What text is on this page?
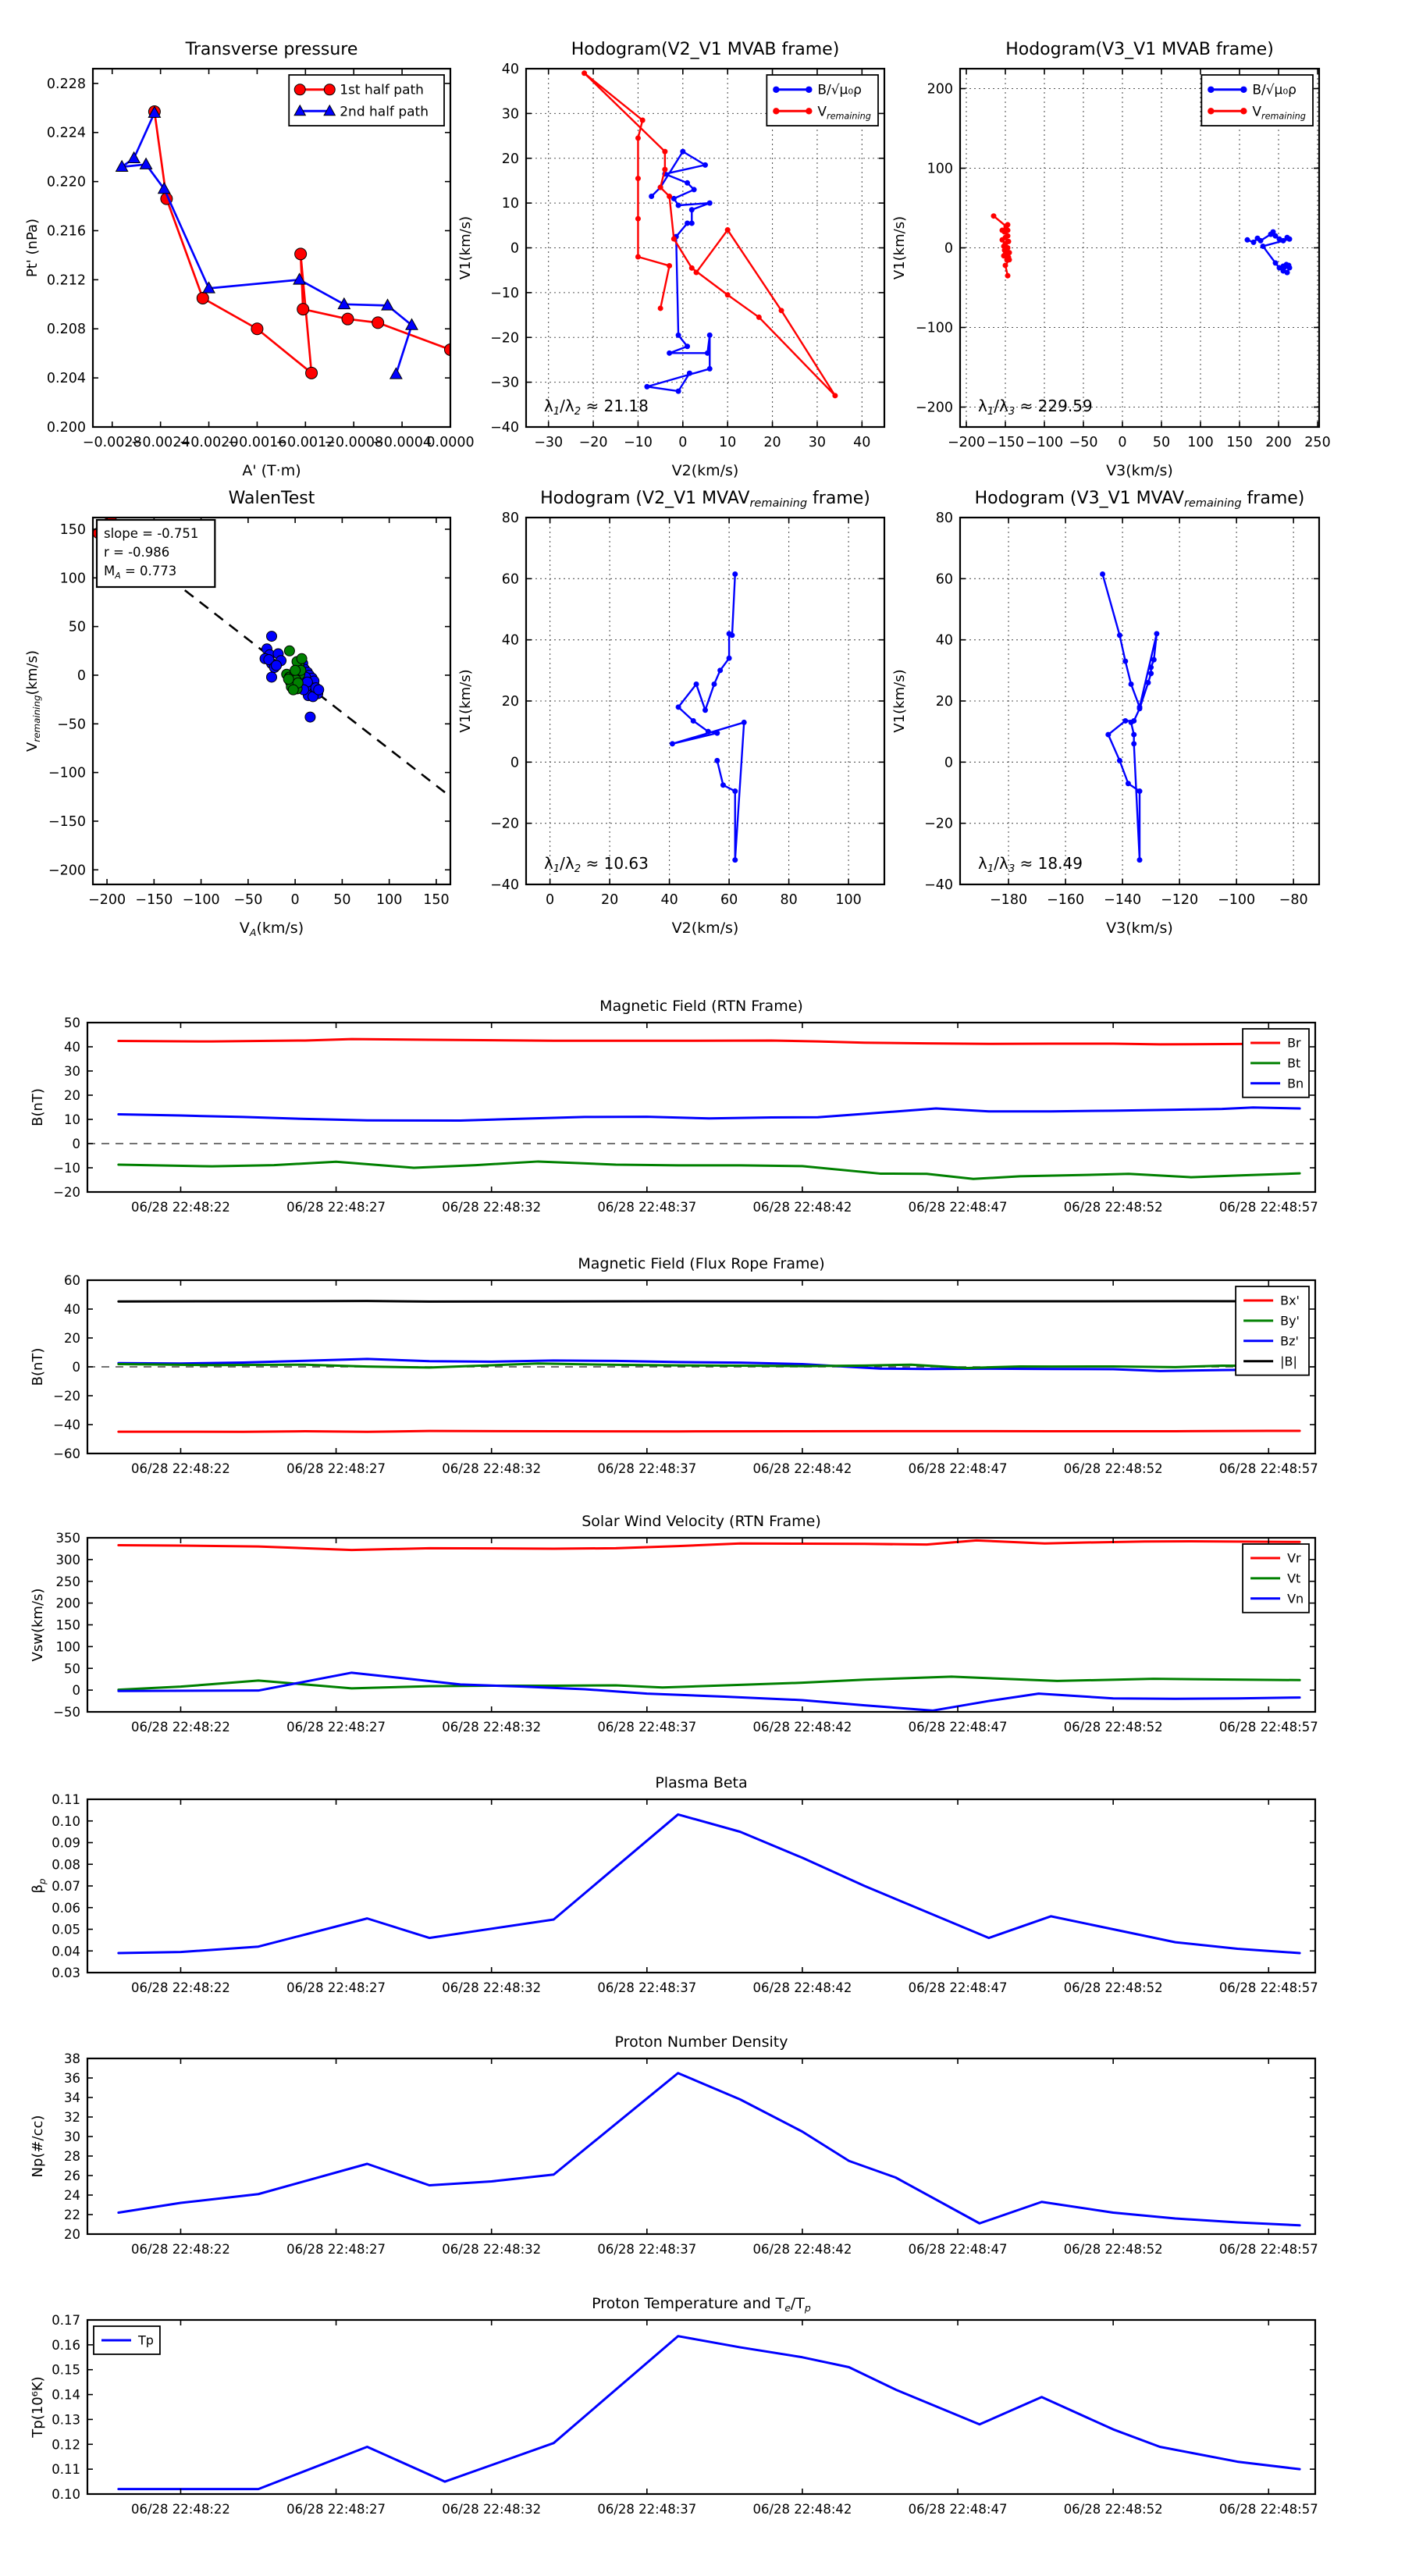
−0.0028
−0.0024
−0.0020
−0.0016
−0.0012
−0.0008
−0.0004
0.0000
0.200
0.204
0.208
0.212
0.216
0.220
0.224
0.228
Transverse pressure
A' (T·m)
Pt' (nPa)
1st half path
2nd half path
−30 −20 −10 0 10 20 30 40
−40
−30
−20
−10
0
10
20
30
40
Hodogram(V2_V1 MVAB frame)
V2(km/s)
V1(km/s)
$\lambda_1/\lambda_2 \approx 21.18$
B/√μ₀ρ
$V_{remaining}$
−200 −150 −100 −50 0 50 100 150 200 250
−200
−100
0
100
200
Hodogram(V3_V1 MVAB frame)
V3(km/s)
V1(km/s)
$\lambda_1/\lambda_3 \approx 229.59$
B/√μ₀ρ
$V_{remaining}$
−200 −150 −100 −50 0 50 100 150
−200
−150
−100
−50
0
50
100
150
WalenTest
$V_A(km/s)$
$V_{remaining}(km/s)$
slope = -0.751
r = -0.986
$M_A = 0.773$
0	20	40	60	80	100
−40
−20
0
20
40
60
80
Hodogram (V2_V1 MVAVremaining frame)
V2(km/s)
V1(km/s)
$\lambda_1/\lambda_2 \approx 10.63$
−180 −160 −140 −120 −100 −80
−40
−20
0
20
40
60
80
Hodogram (V3_V1 MVAVremaining frame)
V3(km/s)
V1(km/s)
$\lambda_1/\lambda_3 \approx 18.49$
06/28 22:48:22	06/28 22:48:27	06/28 22:48:32	06/28 22:48:37	06/28 22:48:42	06/28 22:48:47	06/28 22:48:52	06/28 22:48:57
−20
−10
0
10
20
30
40
50
Magnetic Field (RTN Frame)
B(nT)
Br
Bt
Bn
06/28 22:48:22	06/28 22:48:27	06/28 22:48:32	06/28 22:48:37	06/28 22:48:42	06/28 22:48:47	06/28 22:48:52	06/28 22:48:57
−60
−40
−20
0
20
40
60
Magnetic Field (Flux Rope Frame)
B(nT)
Bx'
By'
Bz'
|B|
06/28 22:48:22	06/28 22:48:27	06/28 22:48:32	06/28 22:48:37	06/28 22:48:42	06/28 22:48:47	06/28 22:48:52	06/28 22:48:57
−50
0
50
100
150
200
250
300
350
Solar Wind Velocity (RTN Frame)
Vsw(km/s)
Vr
Vt
Vn
06/28 22:48:22	06/28 22:48:27	06/28 22:48:32	06/28 22:48:37	06/28 22:48:42	06/28 22:48:47	06/28 22:48:52	06/28 22:48:57
0.03
0.04
0.05
0.06
0.07
0.08
0.09
0.10
0.11
Plasma Beta
$\beta_p$
06/28 22:48:22	06/28 22:48:27	06/28 22:48:32	06/28 22:48:37	06/28 22:48:42	06/28 22:48:47	06/28 22:48:52	06/28 22:48:57
20
22
24
26
28
30
32
34
36
38
Proton Number Density
Np(#/cc)
06/28 22:48:22	06/28 22:48:27	06/28 22:48:32	06/28 22:48:37	06/28 22:48:42	06/28 22:48:47	06/28 22:48:52	06/28 22:48:57
0.10
0.11
0.12
0.13
0.14
0.15
0.16
0.17
Proton Temperature and $T_e/T_p$
Tp(10⁶K)
Tp
